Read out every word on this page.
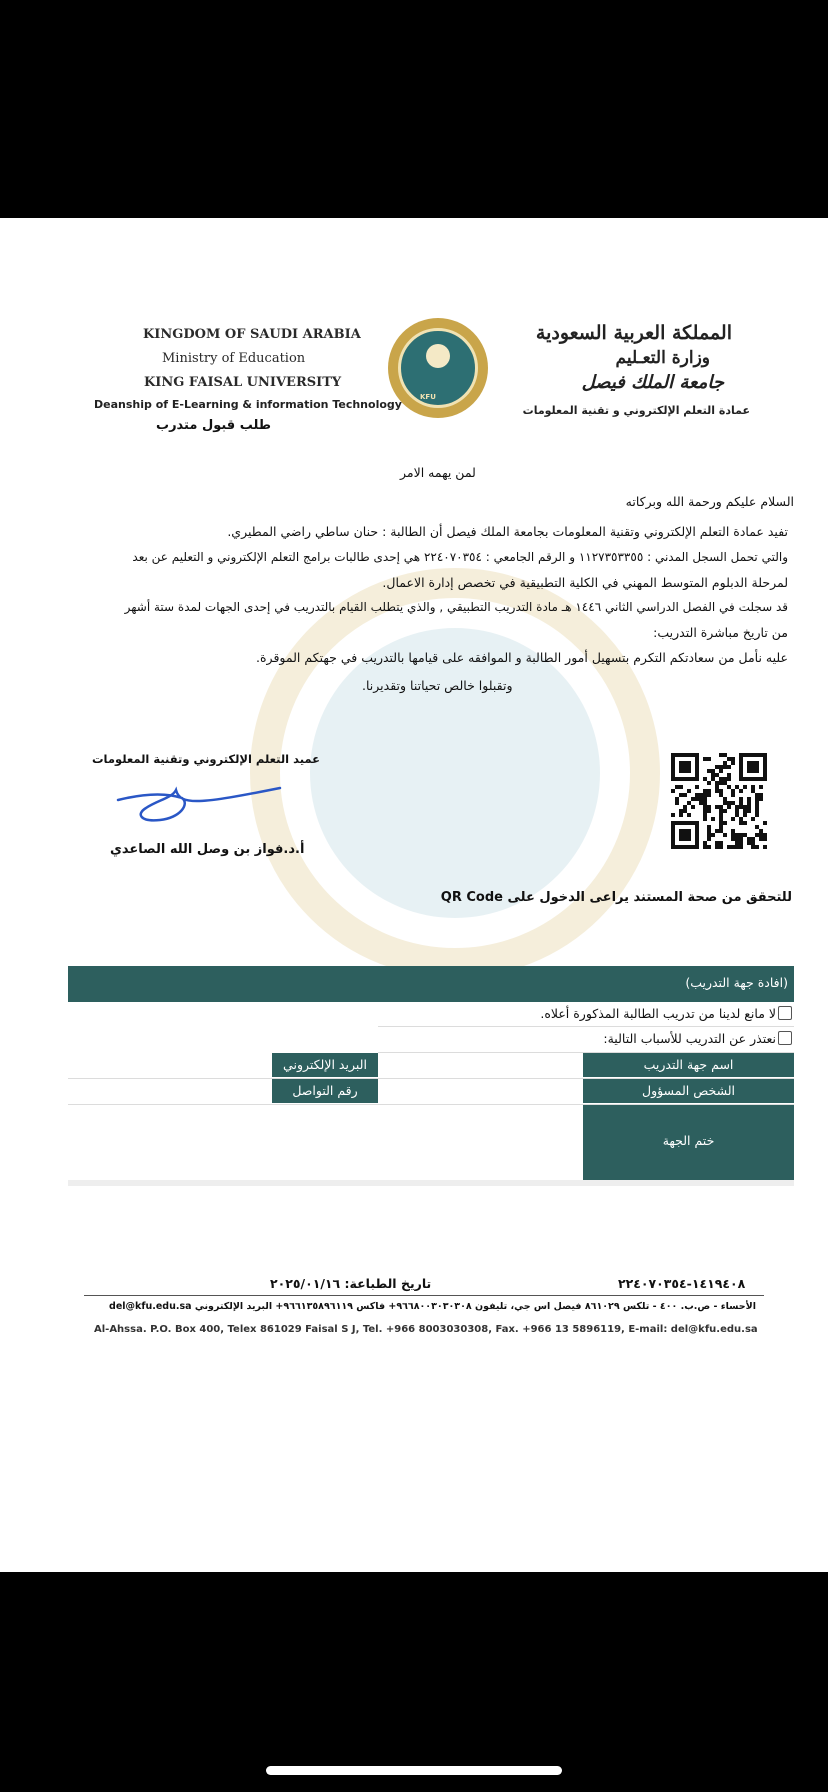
KINGDOM OF SAUDI ARABIA
Ministry of Education
KING FAISAL UNIVERSITY
Deanship of E-Learning & information Technology
طلب قبول متدرب
KFU
المملكة العربية السعودية
وزارة التعـليم
جامعة الملك فيصل
عمادة التعلم الإلكتروني و تقنية المعلومات
لمن يهمه الامر
السلام عليكم ورحمة الله وبركاته
تفيد عمادة التعلم الإلكتروني وتقنية المعلومات بجامعة الملك فيصل أن الطالبة : حنان ساطي راضي المطيري.
والتي تحمل السجل المدني : ١١٢٧٣٥٣٣٥٥ و الرقم الجامعي : ٢٢٤٠٧٠٣٥٤ هي إحدى طالبات برامج التعلم الإلكتروني و التعليم عن بعد
لمرحلة الدبلوم المتوسط المهني في الكلية التطبيقية في تخصص إدارة الاعمال.
قد سجلت في الفصل الدراسي الثاني ١٤٤٦ هـ مادة التدريب التطبيقي , والذي يتطلب القيام بالتدريب في إحدى الجهات لمدة ستة أشهر
من تاريخ مباشرة التدريب:
عليه نأمل من سعادتكم التكرم بتسهيل أمور الطالبة و الموافقه على قيامها بالتدريب في جهتكم الموقرة.
وتقبلوا خالص تحياتنا وتقديرنا.
عميد التعلم الإلكتروني وتقنية المعلومات
أ.د.فواز بن وصل الله الصاعدي
للتحقق من صحة المستند يراعى الدخول على QR Code
(افادة جهة التدريب)
لا مانع لدينا من تدريب الطالبة المذكورة أعلاه.
نعتذر عن التدريب للأسباب التالية:
اسم جهة التدريب
البريد الإلكتروني
الشخص المسؤول
رقم التواصل
ختم الجهة
١٤١٩٤٠٨-٢٢٤٠٧٠٣٥٤
تاريخ الطباعة: ٢٠٢٥/٠١/١٦
الأحساء - ص.ب. ٤٠٠ - تلكس ٨٦١٠٢٩ فيصل اس جي، تليفون ٩٦٦٨٠٠٣٠٣٠٣٠٨+ فاكس ٩٦٦١٣٥٨٩٦١١٩+ البريد الإلكتروني del@kfu.edu.sa
Al-Ahssa. P.O. Box 400, Telex 861029 Faisal S J, Tel. +966 8003030308, Fax. +966 13 5896119, E-mail: del@kfu.edu.sa
